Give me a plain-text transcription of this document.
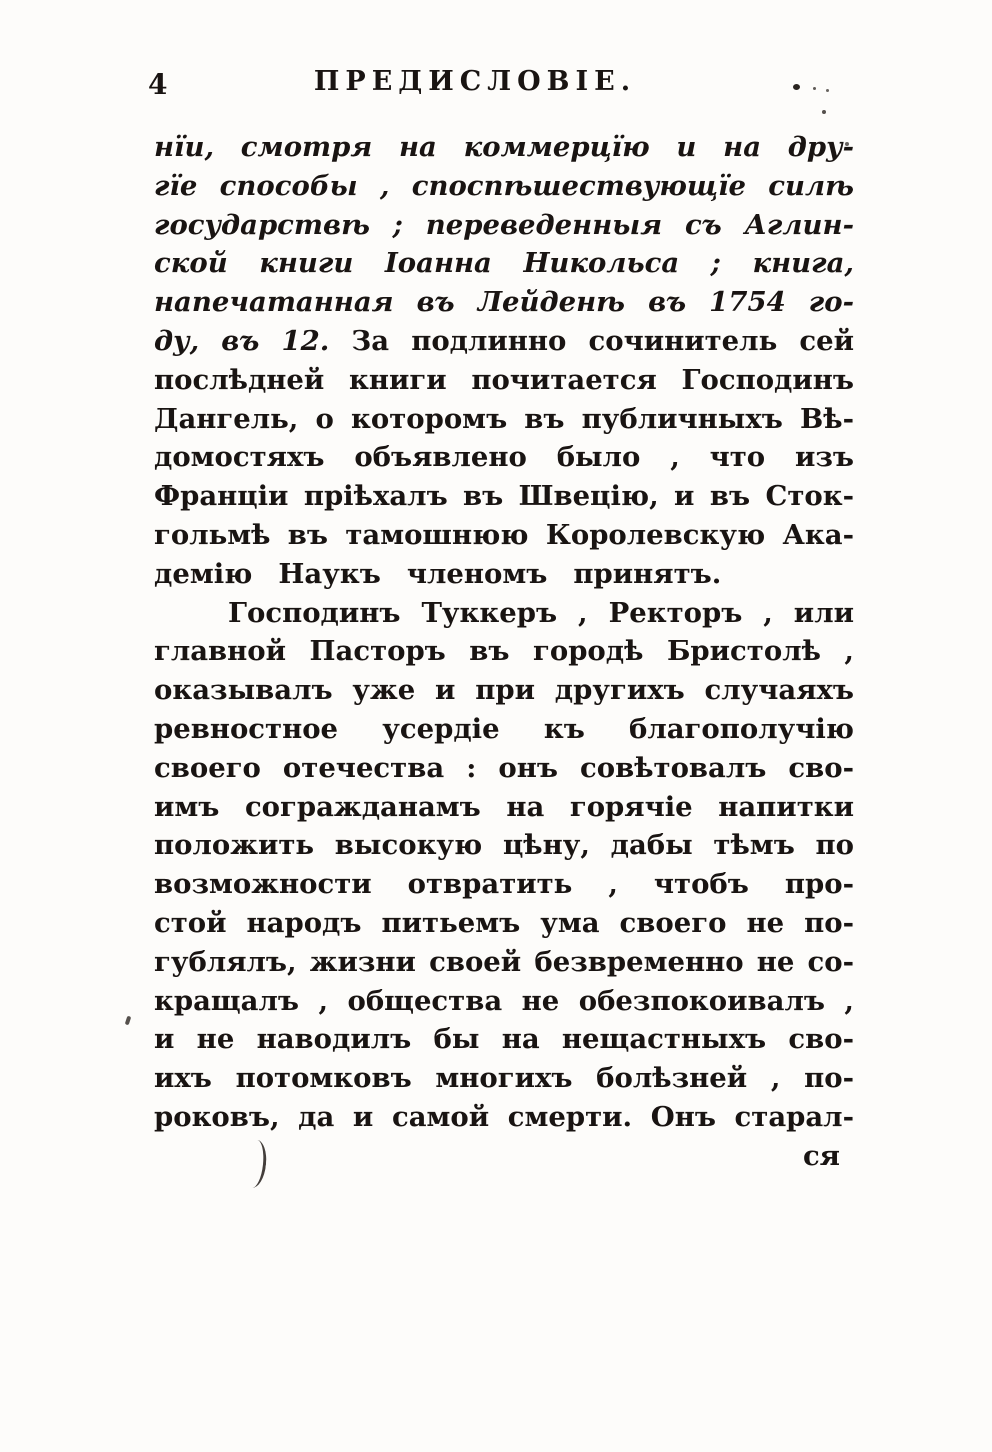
4	ПРЕДИСЛОВІЕ.
нїи, смотря на коммерцїю и на дру-
гїе способы , споспѣшествующїе силѣ
государствѣ ; переведенныя съ Аглин-
ской книги Іоанна Никольса ; книга,
напечатанная въ Лейденѣ въ 1754 го-
ду, въ 12. За подлинно сочинитель сей
послѣдней книги почитается Господинъ
Дангель, о которомъ въ публичныхъ Вѣ-
домостяхъ объявлено было , что изъ
Франціи пріѣхалъ въ Швецію, и въ Сток-
гольмѣ въ тамошнюю Королевскую Ака-
демію Наукъ членомъ принятъ.
Господинъ Туккеръ , Ректоръ , или
главной Пасторъ въ городѣ Бристолѣ ,
оказывалъ уже и при другихъ случаяхъ
ревностное усердіе къ благополучію
своего отечества : онъ совѣтовалъ сво-
имъ согражданамъ на горячіе напитки
положить высокую цѣну, дабы тѣмъ по
возможности отвратить , чтобъ про-
стой народъ питьемъ ума своего не по-
гублялъ, жизни своей безвременно не со-
кращалъ , общества не обезпокоивалъ ,
и не наводилъ бы на нещастныхъ сво-
ихъ потомковъ многихъ болѣзней , по-
роковъ, да и самой смерти. Онъ старал-
ся
